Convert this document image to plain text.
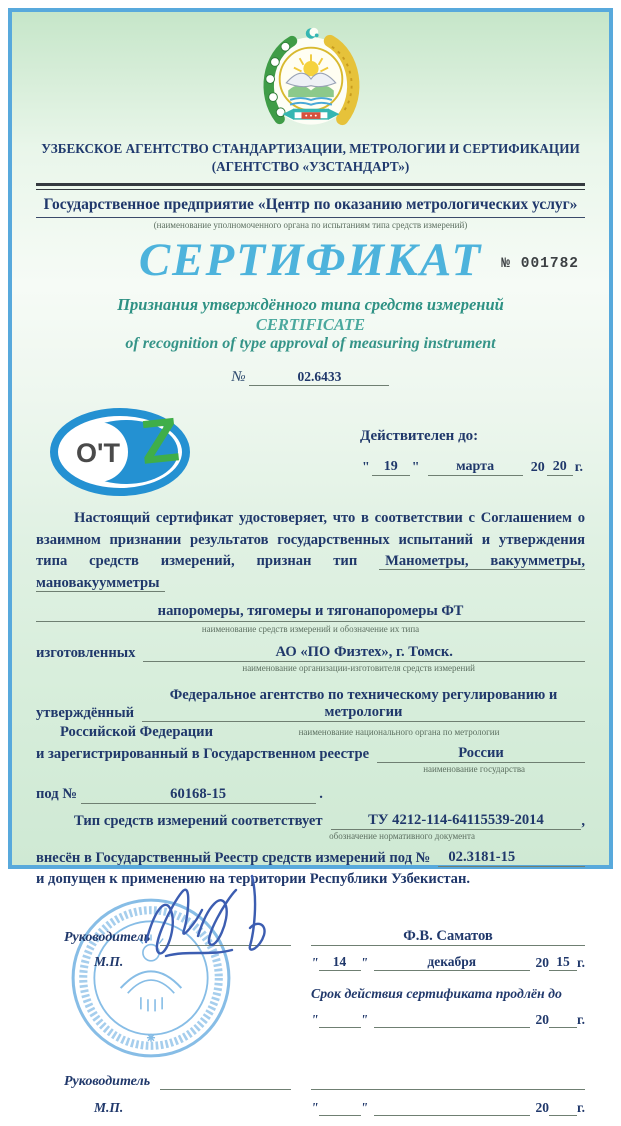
УЗБЕКСКОЕ АГЕНТСТВО СТАНДАРТИЗАЦИИ, МЕТРОЛОГИИ И СЕРТИФИКАЦИИ
(АГЕНТСТВО «УЗСТАНДАРТ»)
Государственное предприятие «Центр по оказанию метрологических услуг»
(наименование уполномоченного органа по испытаниям типа средств измерений)
СЕРТИФИКАТ № 001782
Признания утверждённого типа средств измерений
CERTIFICATE
of recognition of type approval of measuring instrument
№	02.6433
O'T Z	Действителен до:
"	19	"	марта	20 20 г.
Настоящий сертификат удостоверяет, что в соответствии с Соглашением о взаимном признании результатов государственных испытаний и утверждения типа средств измерений, признан тип Манометры, вакуумметры, мановакуумметры
напоромеры, тягомеры и тягонапоромеры ФТ
наименование средств измерений и обозначение их типа
изготовленных	АО «ПО Физтех», г. Томск.
наименование организации-изготовителя средств измерений
утверждённый
Федеральное агентство по техническому регулированию и метрологии
Российской Федерации	наименование национального органа по метрологии
и зарегистрированный в Государственном реестре	России
наименование государства
под №	60168-15	.
Тип средств измерений соответствует	ТУ 4212-114-64115539-2014	,
обозначение нормативного документа
внесён в Государственный Реестр средств измерений под №	02.3181-15
и допущен к применению на территории Республики Узбекистан.
Руководитель	Ф.В. Саматов
М.П.	"	14	"	декабря	20 15 г.
Срок действия сертификата продлён до
"	"	20 г.
Руководитель
М.П.	"	"	20 г.
